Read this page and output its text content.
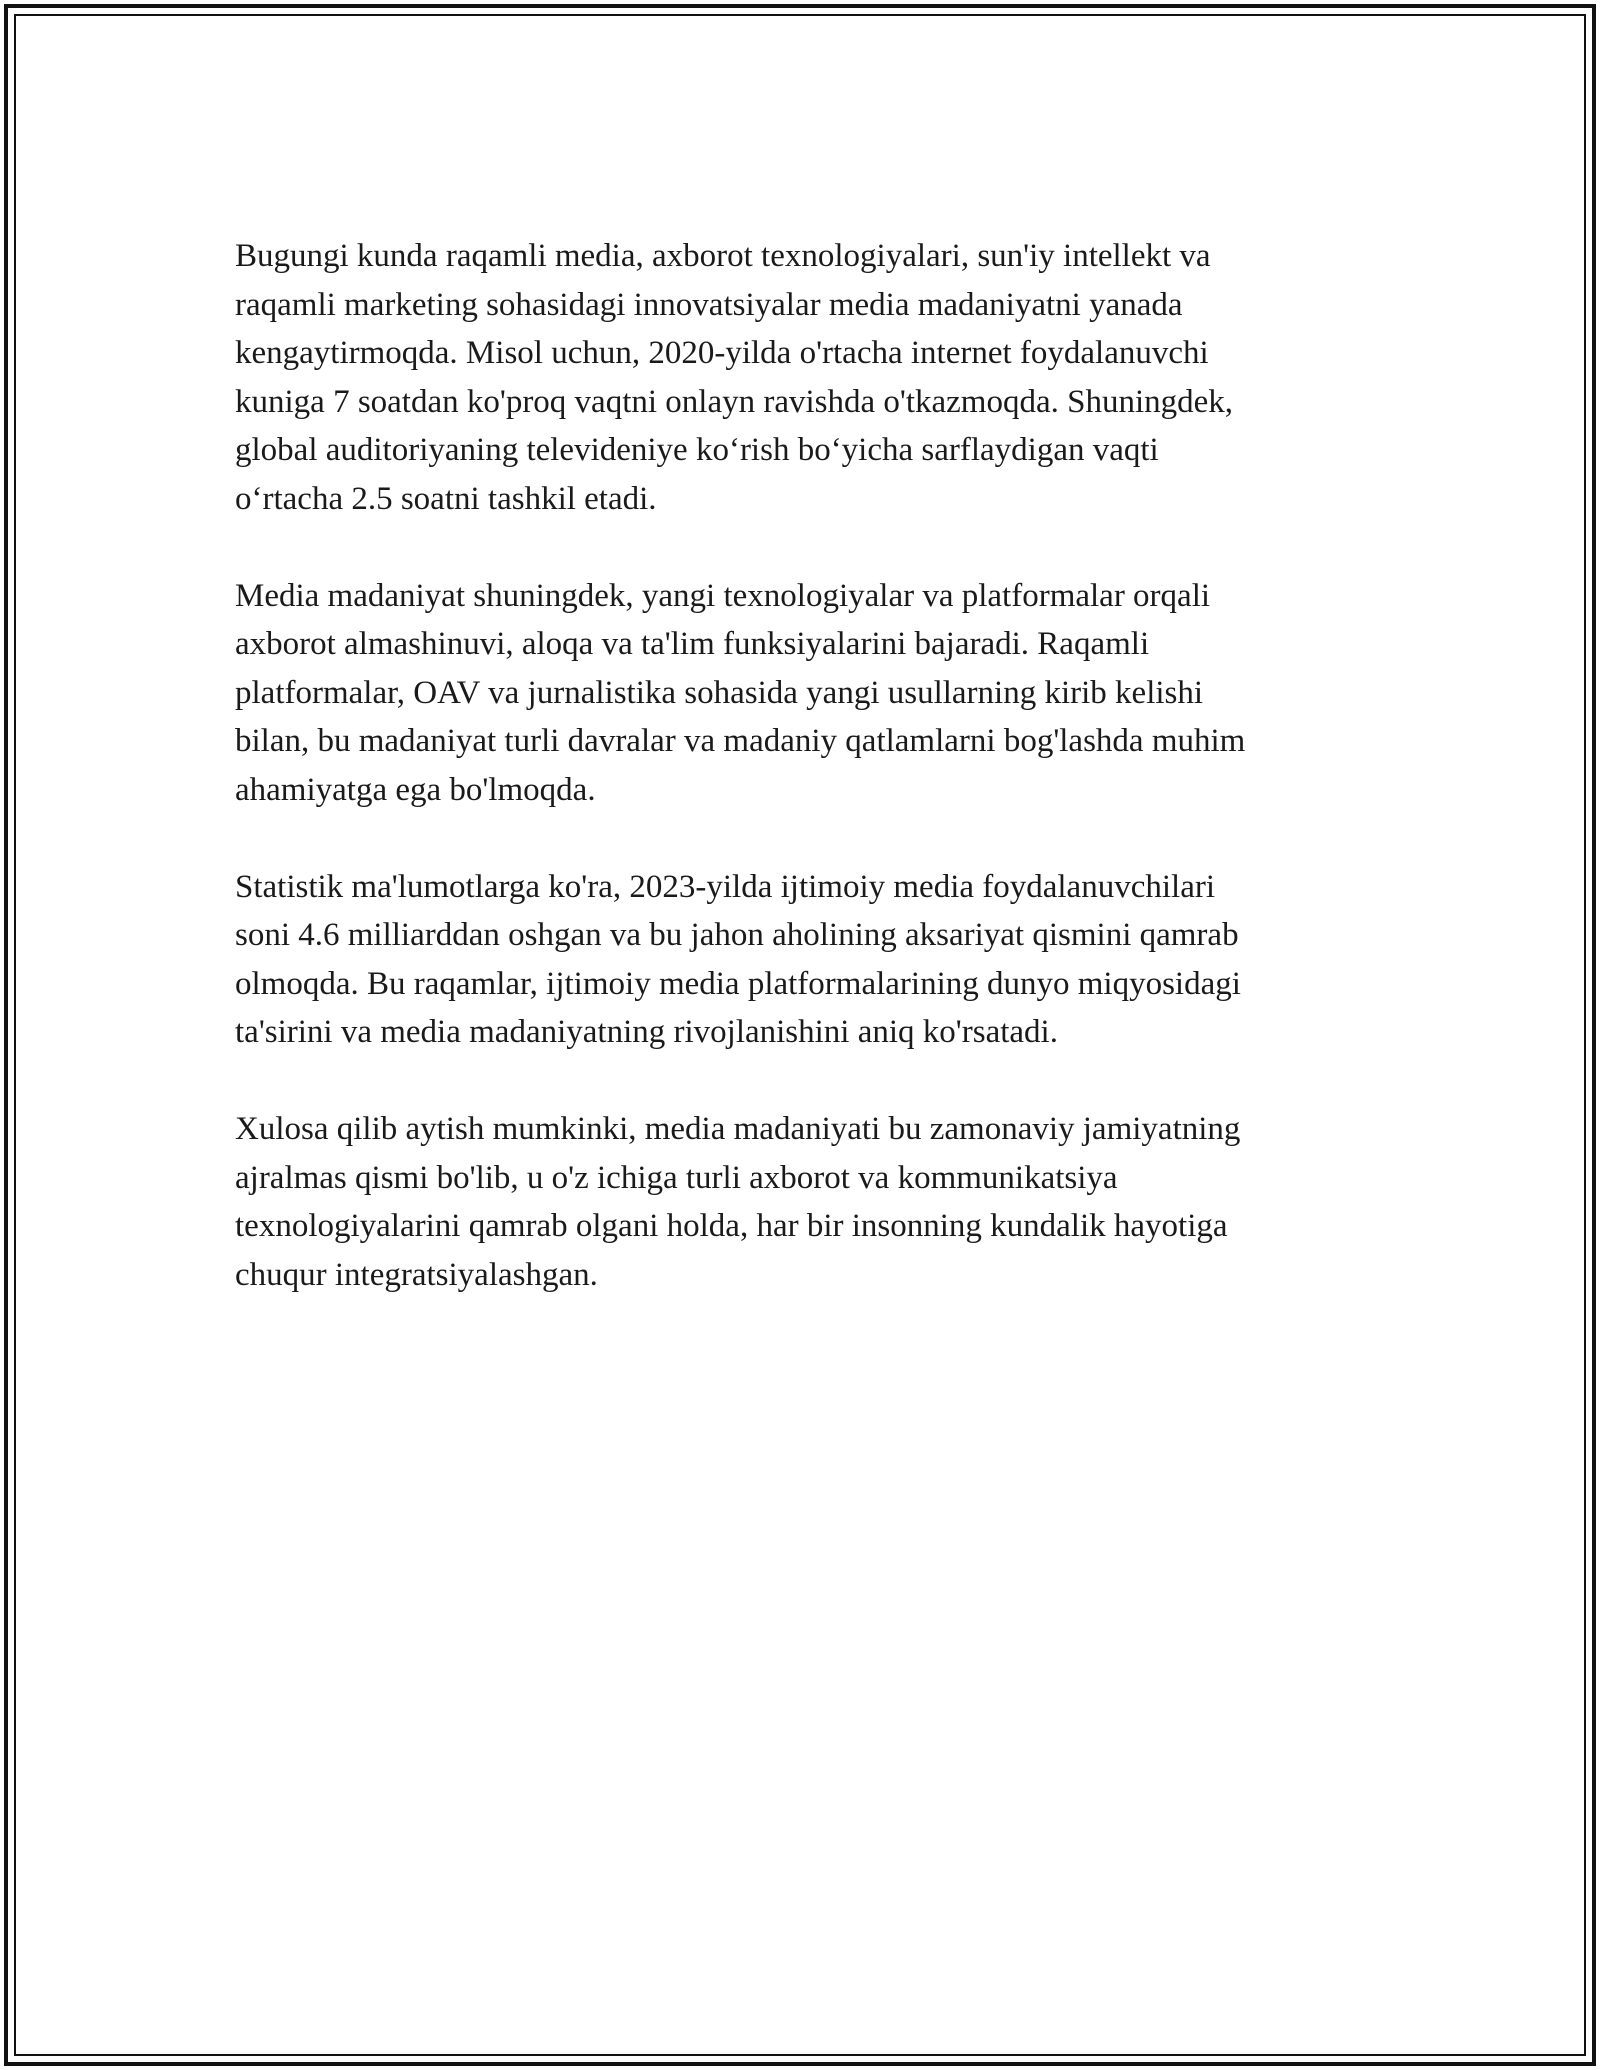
Bugungi kunda raqamli media, axborot texnologiyalari, sun'iy intellekt va
raqamli marketing sohasidagi innovatsiyalar media madaniyatni yanada
kengaytirmoqda. Misol uchun, 2020-yilda o'rtacha internet foydalanuvchi
kuniga 7 soatdan ko'proq vaqtni onlayn ravishda o'tkazmoqda. Shuningdek,
global auditoriyaning televideniye ko‘rish bo‘yicha sarflaydigan vaqti
o‘rtacha 2.5 soatni tashkil etadi.

Media madaniyat shuningdek, yangi texnologiyalar va platformalar orqali
axborot almashinuvi, aloqa va ta'lim funksiyalarini bajaradi. Raqamli
platformalar, OAV va jurnalistika sohasida yangi usullarning kirib kelishi
bilan, bu madaniyat turli davralar va madaniy qatlamlarni bog'lashda muhim
ahamiyatga ega bo'lmoqda.

Statistik ma'lumotlarga ko'ra, 2023-yilda ijtimoiy media foydalanuvchilari
soni 4.6 milliarddan oshgan va bu jahon aholining aksariyat qismini qamrab
olmoqda. Bu raqamlar, ijtimoiy media platformalarining dunyo miqyosidagi
ta'sirini va media madaniyatning rivojlanishini aniq ko'rsatadi.

Xulosa qilib aytish mumkinki, media madaniyati bu zamonaviy jamiyatning
ajralmas qismi bo'lib, u o'z ichiga turli axborot va kommunikatsiya
texnologiyalarini qamrab olgani holda, har bir insonning kundalik hayotiga
chuqur integratsiyalashgan.
